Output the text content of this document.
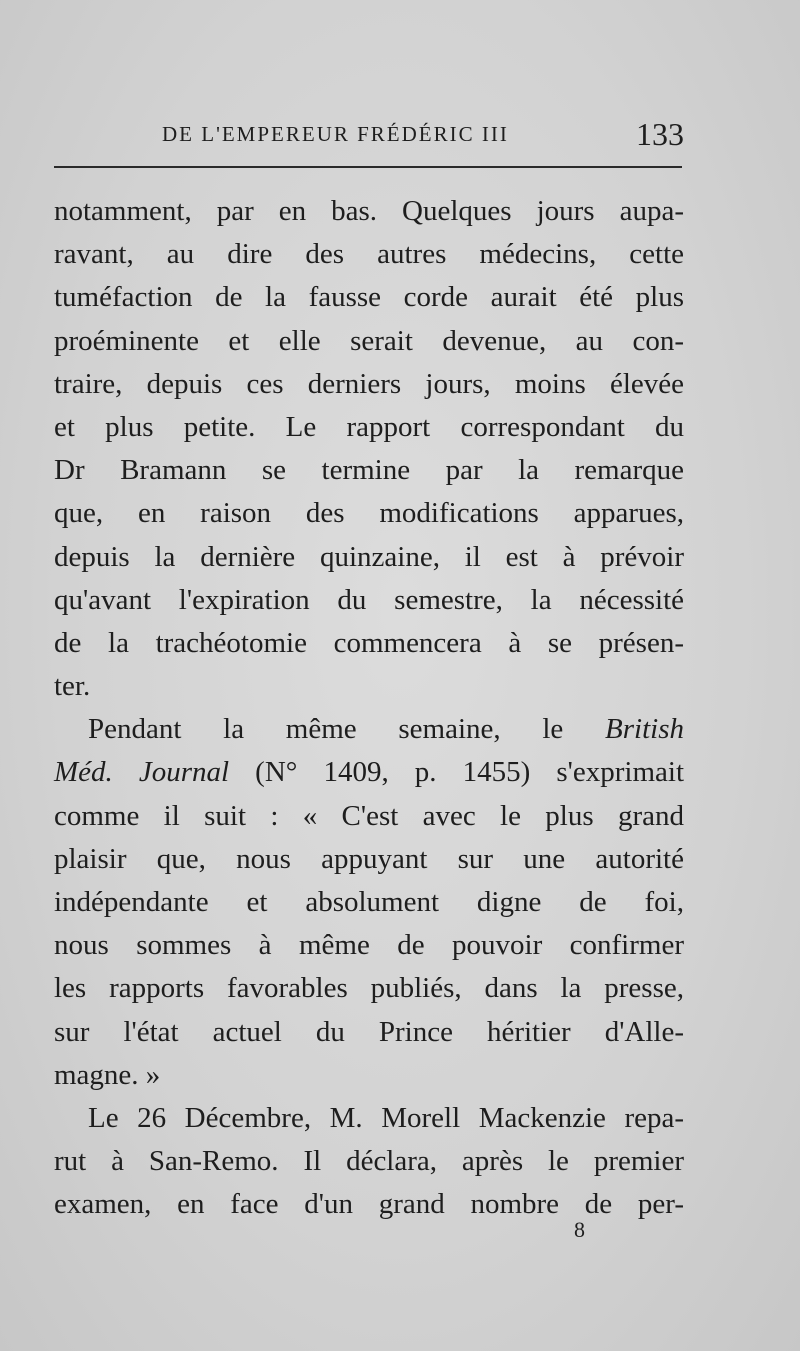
DE L'EMPEREUR FRÉDÉRIC III	133
notamment, par en bas. Quelques jours aupa-
ravant, au dire des autres médecins, cette
tuméfaction de la fausse corde aurait été plus
proéminente et elle serait devenue, au con-
traire, depuis ces derniers jours, moins élevée
et plus petite. Le rapport correspondant du
Dr Bramann se termine par la remarque
que, en raison des modifications apparues,
depuis la dernière quinzaine, il est à prévoir
qu'avant l'expiration du semestre, la nécessité
de la trachéotomie commencera à se présen-
ter.
Pendant la même semaine, le British
Méd. Journal (N° 1409, p. 1455) s'exprimait
comme il suit : « C'est avec le plus grand
plaisir que, nous appuyant sur une autorité
indépendante et absolument digne de foi,
nous sommes à même de pouvoir confirmer
les rapports favorables publiés, dans la presse,
sur l'état actuel du Prince héritier d'Alle-
magne. »
Le 26 Décembre, M. Morell Mackenzie repa-
rut à San-Remo. Il déclara, après le premier
examen, en face d'un grand nombre de per-
8
